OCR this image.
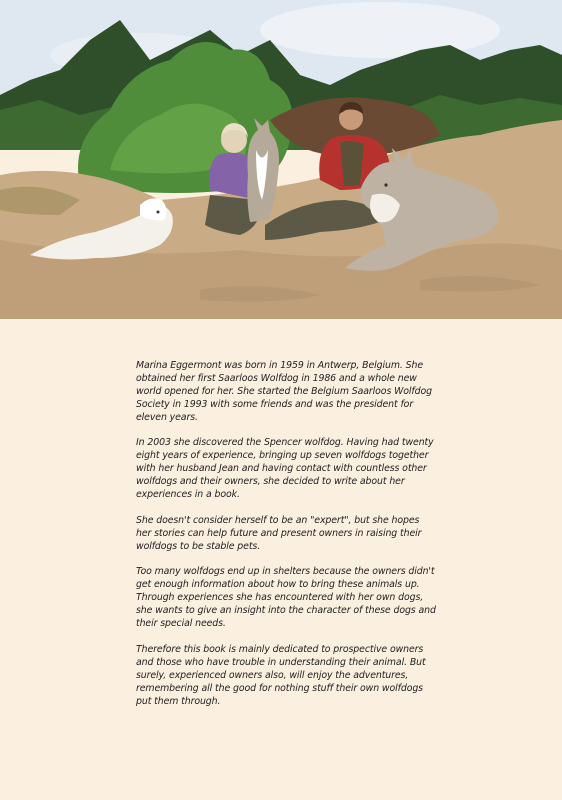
Marina Eggermont was born in 1959 in Antwerp, Belgium. She obtained her first Saarloos Wolfdog in 1986 and a whole new world opened for her. She started the Belgium Saarloos Wolfdog Society in 1993 with some friends and was the president for eleven years.

In 2003 she discovered the Spencer wolfdog. Having had twenty eight years of experience, bringing up seven wolfdogs together with her husband Jean and having contact with countless other wolfdogs and their owners, she decided to write about her experiences in a book.

She doesn't consider herself to be an "expert", but she hopes her stories can help future and present owners in raising their wolfdogs to be stable pets.

Too many wolfdogs end up in shelters because the owners didn't get enough information about how to bring these animals up. Through experiences she has encountered with her own dogs, she wants to give an insight into the character of these dogs and their special needs.

Therefore this book is mainly dedicated to prospective owners and those who have trouble in understanding their animal. But surely, experienced owners also, will enjoy the adventures, remembering all the good for nothing stuff their own wolfdogs put them through.
